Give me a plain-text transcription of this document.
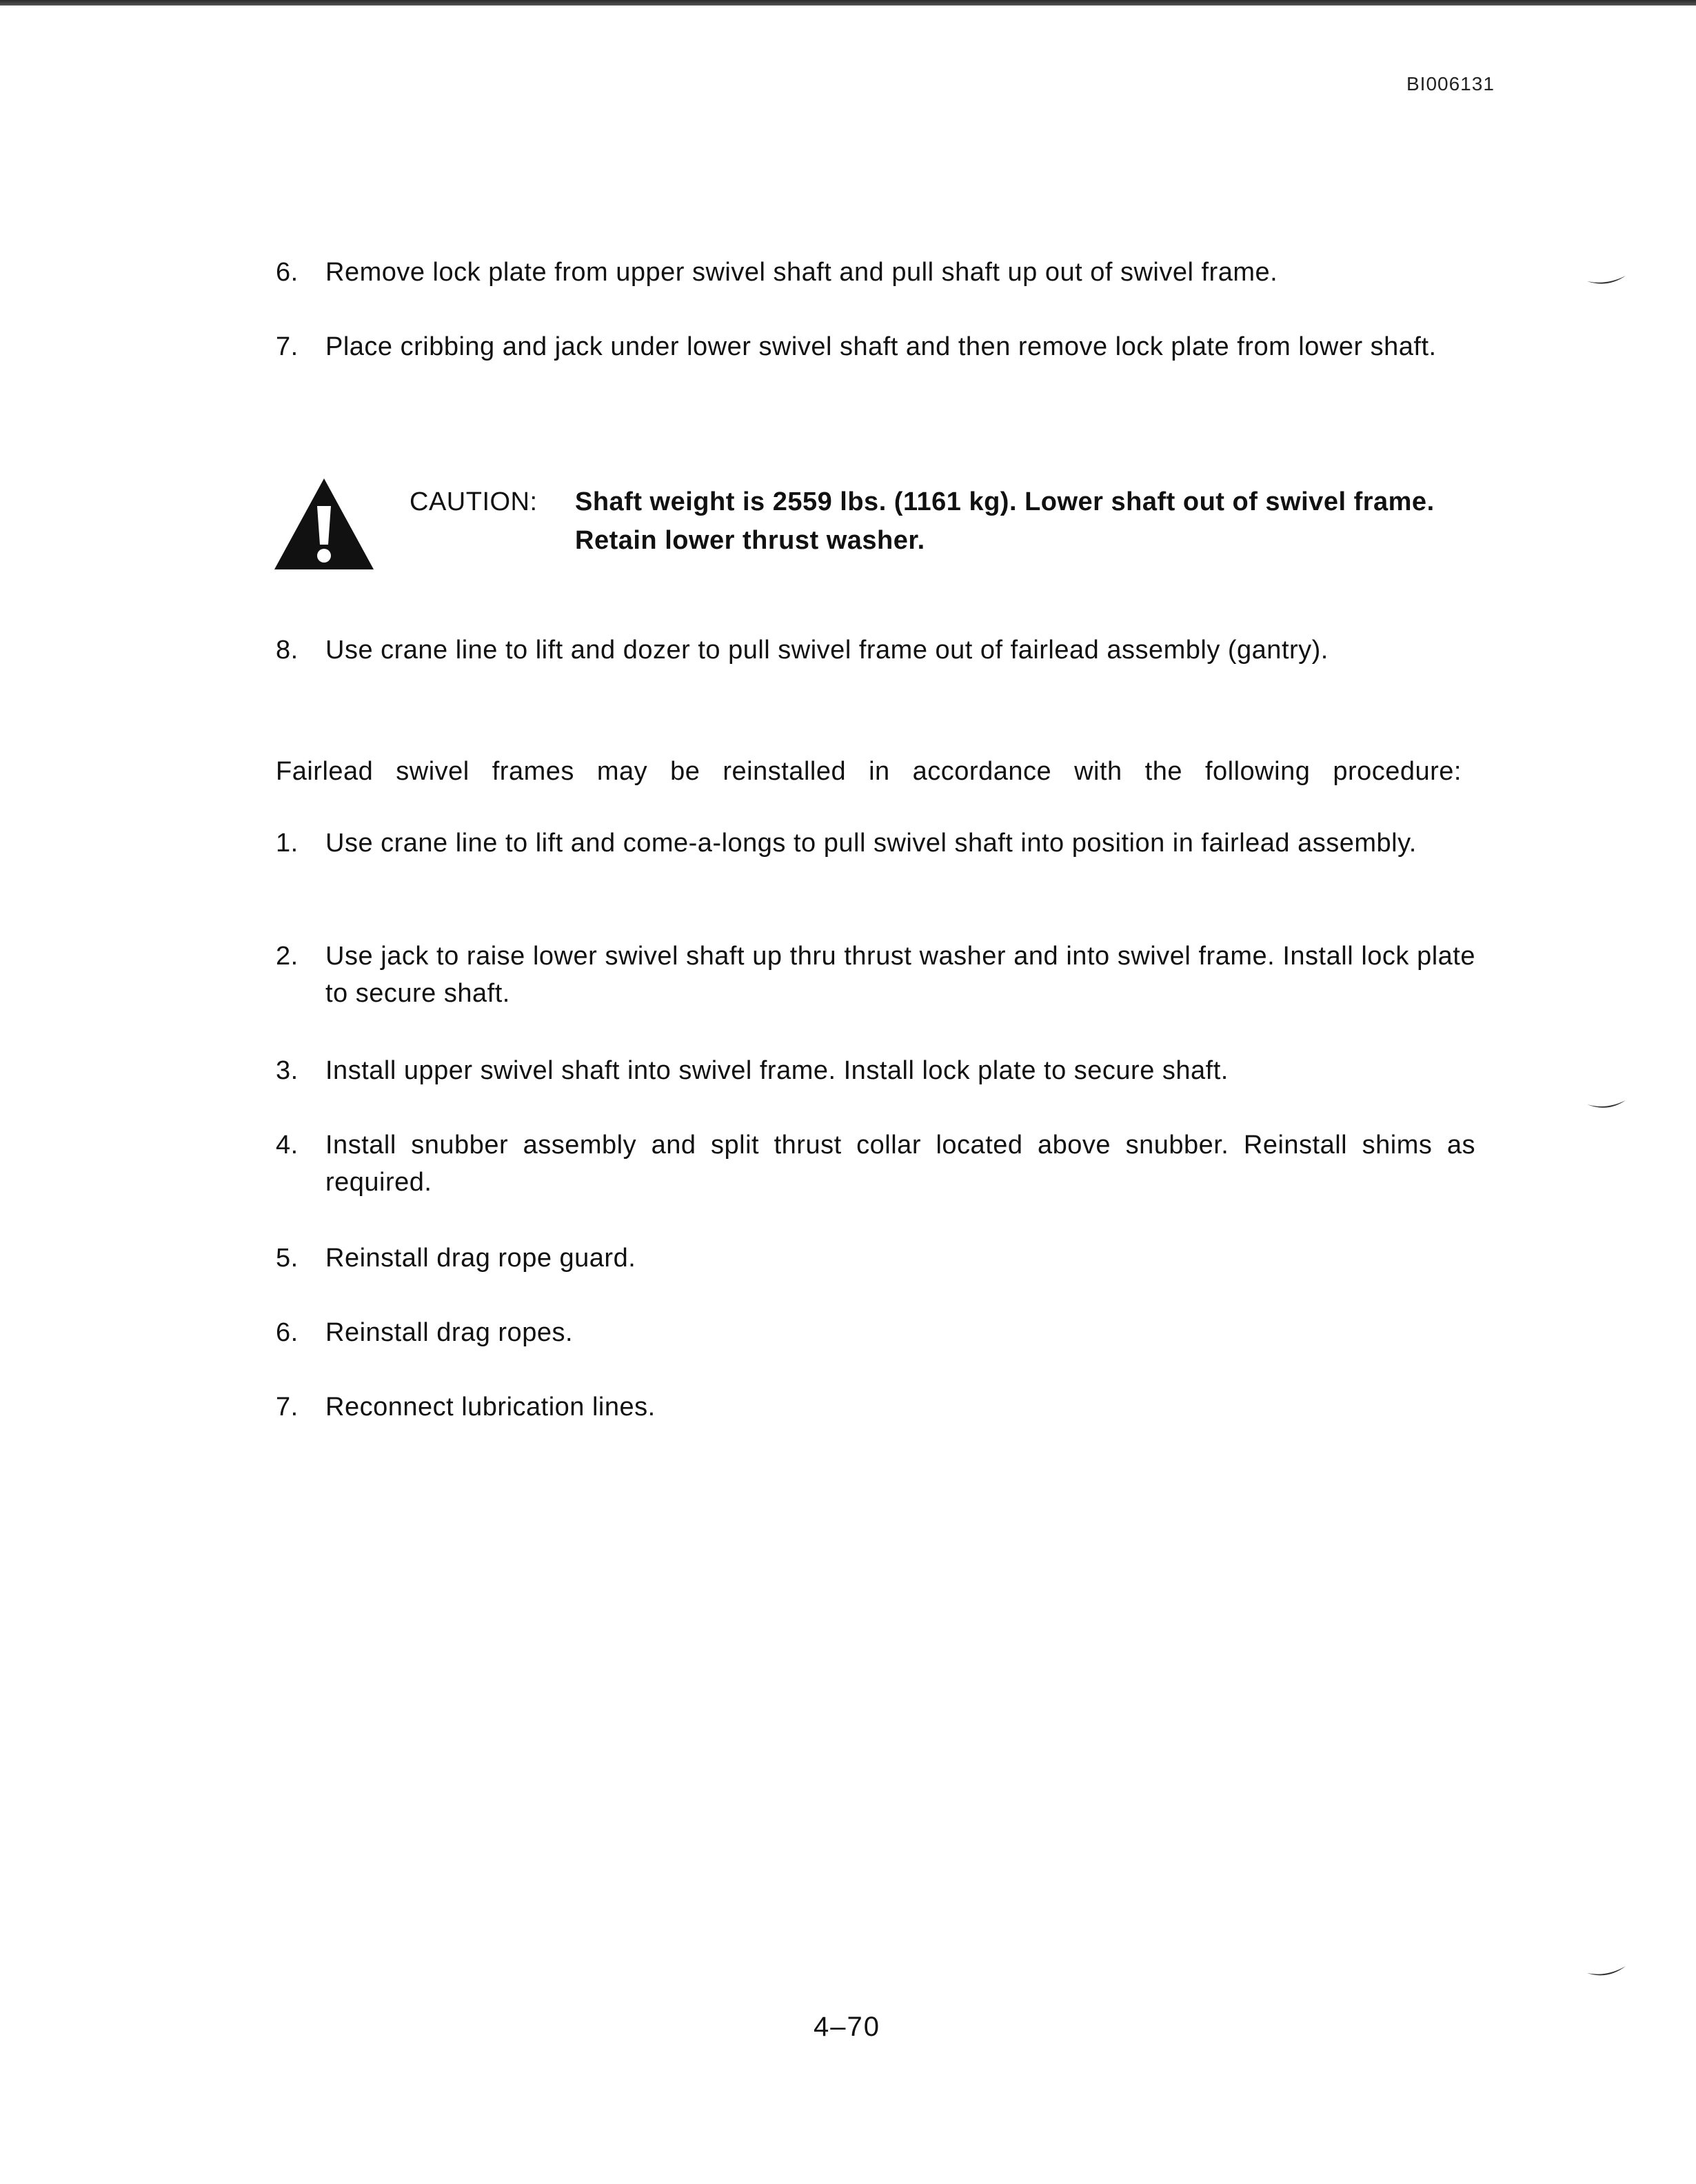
BI006131
6. Remove lock plate from upper swivel shaft and pull shaft up out of swivel frame.
7. Place cribbing and jack under lower swivel shaft and then remove lock plate from lower shaft.
CAUTION: Shaft weight is 2559 lbs. (1161 kg). Lower shaft out of swivel frame. Retain lower thrust washer.
8. Use crane line to lift and dozer to pull swivel frame out of fairlead assembly (gantry).
Fairlead swivel frames may be reinstalled in accordance with the following procedure:
1. Use crane line to lift and come-a-longs to pull swivel shaft into position in fairlead assembly.
2. Use jack to raise lower swivel shaft up thru thrust washer and into swivel frame. Install lock plate to secure shaft.
3. Install upper swivel shaft into swivel frame. Install lock plate to secure shaft.
4. Install snubber assembly and split thrust collar located above snubber. Reinstall shims as required.
5. Reinstall drag rope guard.
6. Reinstall drag ropes.
7. Reconnect lubrication lines.
4–70
